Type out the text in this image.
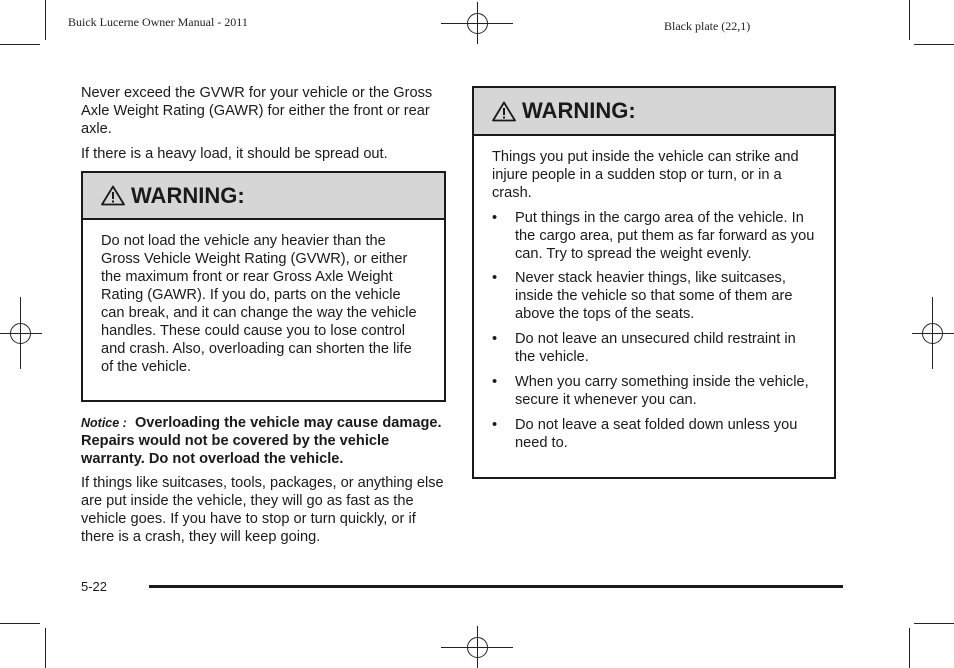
Buick Lucerne Owner Manual - 2011	Black plate (22,1)

Never exceed the GVWR for your vehicle or the Gross Axle Weight Rating (GAWR) for either the front or rear axle.

If there is a heavy load, it should be spread out.

WARNING:

Do not load the vehicle any heavier than the Gross Vehicle Weight Rating (GVWR), or either the maximum front or rear Gross Axle Weight Rating (GAWR). If you do, parts on the vehicle can break, and it can change the way the vehicle handles. These could cause you to lose control and crash. Also, overloading can shorten the life of the vehicle.

Notice : Overloading the vehicle may cause damage. Repairs would not be covered by the vehicle warranty. Do not overload the vehicle.

If things like suitcases, tools, packages, or anything else are put inside the vehicle, they will go as fast as the vehicle goes. If you have to stop or turn quickly, or if there is a crash, they will keep going.

WARNING:

Things you put inside the vehicle can strike and injure people in a sudden stop or turn, or in a crash.

• Put things in the cargo area of the vehicle. In the cargo area, put them as far forward as you can. Try to spread the weight evenly.
• Never stack heavier things, like suitcases, inside the vehicle so that some of them are above the tops of the seats.
• Do not leave an unsecured child restraint in the vehicle.
• When you carry something inside the vehicle, secure it whenever you can.
• Do not leave a seat folded down unless you need to.
5-22
